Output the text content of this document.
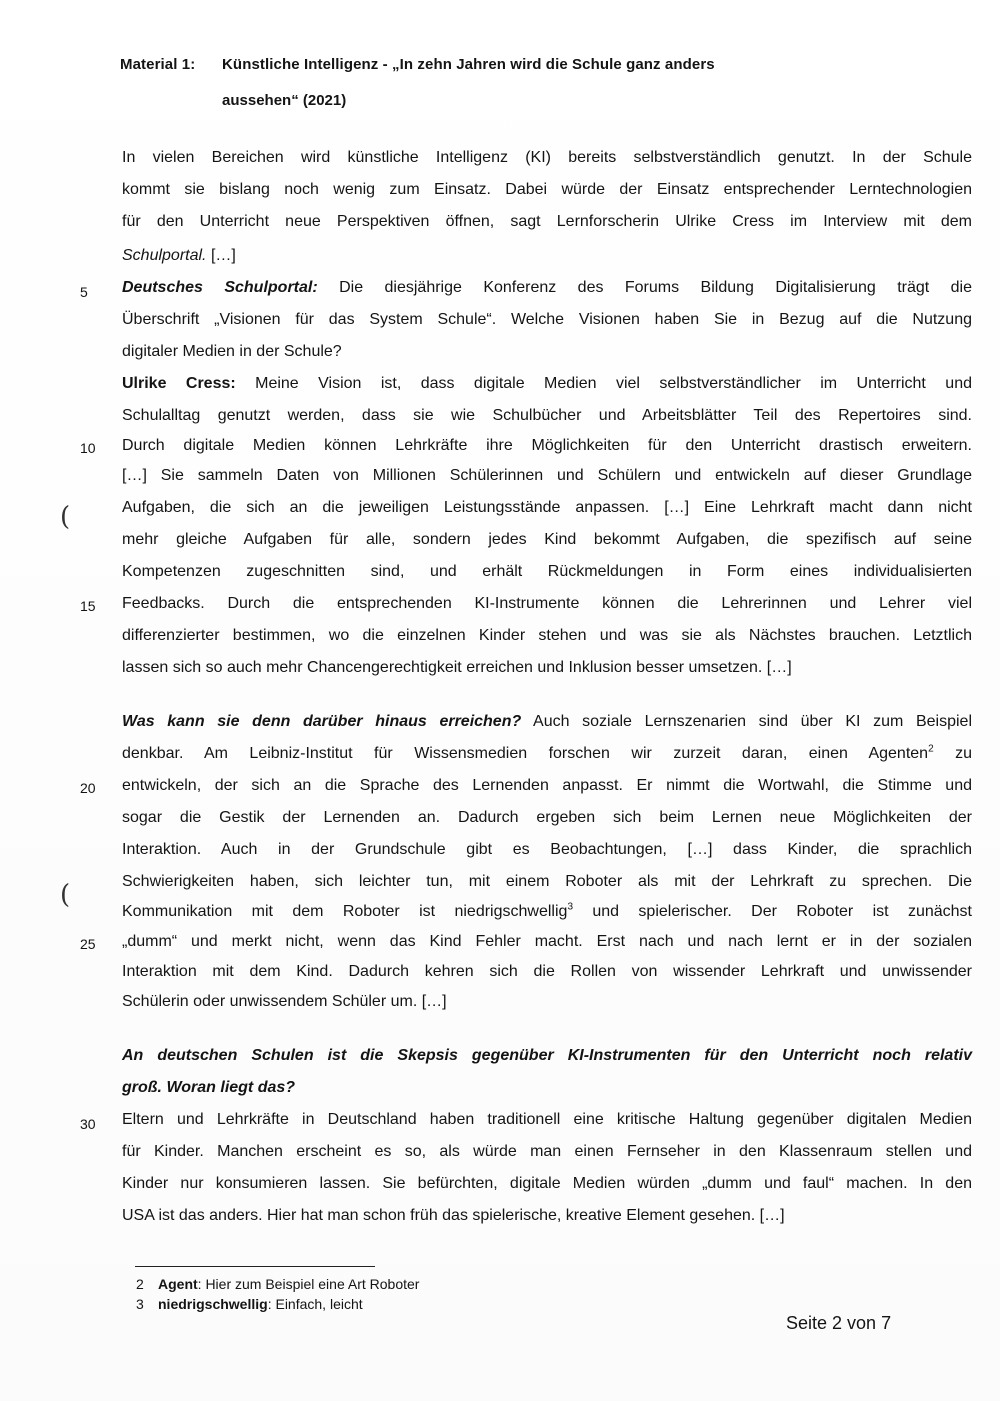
Material 1: Künstliche Intelligenz - „In zehn Jahren wird die Schule ganz anders
aussehen“ (2021)
In vielen Bereichen wird künstliche Intelligenz (KI) bereits selbstverständlich genutzt. In der Schule
kommt sie bislang noch wenig zum Einsatz. Dabei würde der Einsatz entsprechender Lerntechnologien
für den Unterricht neue Perspektiven öffnen, sagt Lernforscherin Ulrike Cress im Interview mit dem
Schulportal. […]
5	Deutsches Schulportal: Die diesjährige Konferenz des Forums Bildung Digitalisierung trägt die
Überschrift „Visionen für das System Schule“. Welche Visionen haben Sie in Bezug auf die Nutzung
digitaler Medien in der Schule?
Ulrike Cress: Meine Vision ist, dass digitale Medien viel selbstverständlicher im Unterricht und
Schulalltag genutzt werden, dass sie wie Schulbücher und Arbeitsblätter Teil des Repertoires sind.
10	Durch digitale Medien können Lehrkräfte ihre Möglichkeiten für den Unterricht drastisch erweitern.
[…] Sie sammeln Daten von Millionen Schülerinnen und Schülern und entwickeln auf dieser Grundlage
Aufgaben, die sich an die jeweiligen Leistungsstände anpassen. […] Eine Lehrkraft macht dann nicht
mehr gleiche Aufgaben für alle, sondern jedes Kind bekommt Aufgaben, die spezifisch auf seine
Kompetenzen zugeschnitten sind, und erhält Rückmeldungen in Form eines individualisierten
15	Feedbacks. Durch die entsprechenden KI-Instrumente können die Lehrerinnen und Lehrer viel
differenzierter bestimmen, wo die einzelnen Kinder stehen und was sie als Nächstes brauchen. Letztlich
lassen sich so auch mehr Chancengerechtigkeit erreichen und Inklusion besser umsetzen. […]
Was kann sie denn darüber hinaus erreichen? Auch soziale Lernszenarien sind über KI zum Beispiel
denkbar. Am Leibniz-Institut für Wissensmedien forschen wir zurzeit daran, einen Agenten$^2$ zu
20	entwickeln, der sich an die Sprache des Lernenden anpasst. Er nimmt die Wortwahl, die Stimme und
sogar die Gestik der Lernenden an. Dadurch ergeben sich beim Lernen neue Möglichkeiten der
Interaktion. Auch in der Grundschule gibt es Beobachtungen, […] dass Kinder, die sprachlich
Schwierigkeiten haben, sich leichter tun, mit einem Roboter als mit der Lehrkraft zu sprechen. Die
Kommunikation mit dem Roboter ist niedrigschwellig$^3$ und spielerischer. Der Roboter ist zunächst
25	„dumm“ und merkt nicht, wenn das Kind Fehler macht. Erst nach und nach lernt er in der sozialen
Interaktion mit dem Kind. Dadurch kehren sich die Rollen von wissender Lehrkraft und unwissender
Schülerin oder unwissendem Schüler um. […]
An deutschen Schulen ist die Skepsis gegenüber KI-Instrumenten für den Unterricht noch relativ
groß. Woran liegt das?
30	Eltern und Lehrkräfte in Deutschland haben traditionell eine kritische Haltung gegenüber digitalen Medien
für Kinder. Manchen erscheint es so, als würde man einen Fernseher in den Klassenraum stellen und
Kinder nur konsumieren lassen. Sie befürchten, digitale Medien würden „dumm und faul“ machen. In den
USA ist das anders. Hier hat man schon früh das spielerische, kreative Element gesehen. […]
2 Agent: Hier zum Beispiel eine Art Roboter
3 niedrigschwellig: Einfach, leicht
Seite 2 von 7
(
(
